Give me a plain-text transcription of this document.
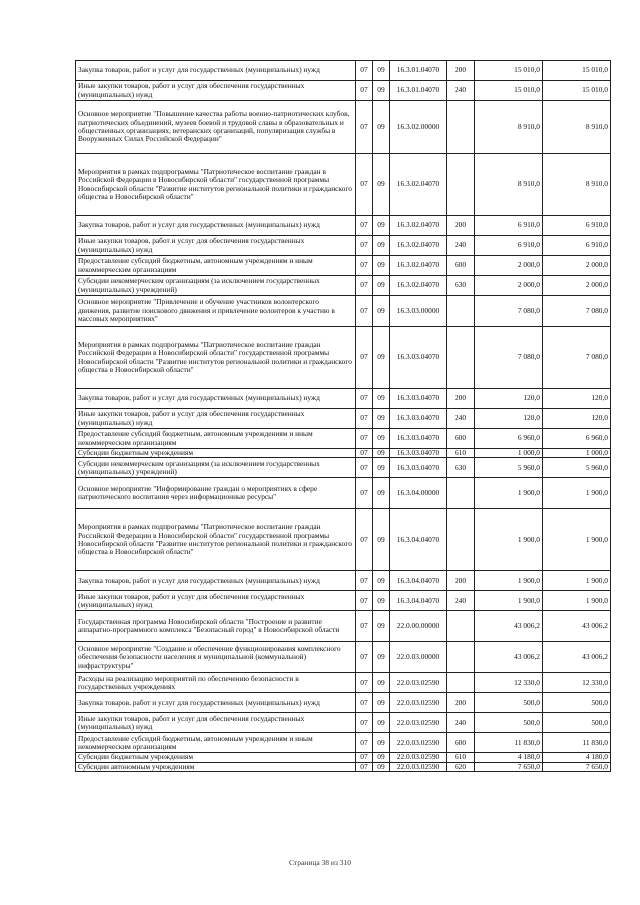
Закупка товаров, работ и услуг для государственных (муниципальных) нужд	07	09	16.3.01.04070	200	15 010,0	15 010,0
Иные закупки товаров, работ и услуг для обеспечения государственных (муниципальных) нужд	07	09	16.3.01.04070	240	15 010,0	15 010,0
Основное мероприятие "Повышение качества работы военно-патриотических клубов, патриотических объединений, музеев боевой и трудовой славы в образовательных и общественных организациях, ветеранских организаций, популяризация службы в Вооруженных Силах Российской Федерации"	07	09	16.3.02.00000		8 910,0	8 910,0
Мероприятия в рамках подпрограммы "Патриотическое воспитание граждан в Российской Федерации в Новосибирской области" государственной программы Новосибирской области "Развитие институтов региональной политики и гражданского общества в Новосибирской области"	07	09	16.3.02.04070		8 910,0	8 910,0
Закупка товаров, работ и услуг для государственных (муниципальных) нужд	07	09	16.3.02.04070	200	6 910,0	6 910,0
Иные закупки товаров, работ и услуг для обеспечения государственных (муниципальных) нужд	07	09	16.3.02.04070	240	6 910,0	6 910,0
Предоставление субсидий бюджетным, автономным учреждениям и иным некоммерческим организациям	07	09	16.3.02.04070	600	2 000,0	2 000,0
Субсидии некоммерческим организациям (за исключением государственных (муниципальных) учреждений)	07	09	16.3.02.04070	630	2 000,0	2 000,0
Основное мероприятие "Привлечение и обучение участников волонтерского движения, развитие поискового движения и привлечение волонтеров к участию в массовых мероприятиях"	07	09	16.3.03.00000		7 080,0	7 080,0
Мероприятия в рамках подпрограммы "Патриотическое воспитание граждан Российской Федерации в Новосибирской области" государственной программы Новосибирской области "Развитие институтов региональной политики и гражданского общества в Новосибирской области"	07	09	16.3.03.04070		7 080,0	7 080,0
Закупка товаров, работ и услуг для государственных (муниципальных) нужд	07	09	16.3.03.04070	200	120,0	120,0
Иные закупки товаров, работ и услуг для обеспечения государственных (муниципальных) нужд	07	09	16.3.03.04070	240	120,0	120,0
Предоставление субсидий бюджетным, автономным учреждениям и иным некоммерческим организациям	07	09	16.3.03.04070	600	6 960,0	6 960,0
Субсидии бюджетным учреждениям	07	09	16.3.03.04070	610	1 000,0	1 000,0
Субсидии некоммерческим организациям (за исключением государственных (муниципальных) учреждений)	07	09	16.3.03.04070	630	5 960,0	5 960,0
Основное мероприятие "Информирование граждан о мероприятиях в сфере патриотического воспитания через информационные ресурсы"	07	09	16.3.04.00000		1 900,0	1 900,0
Мероприятия в рамках подпрограммы "Патриотическое воспитание граждан Российской Федерации в Новосибирской области" государственной программы Новосибирской области "Развитие институтов региональной политики и гражданского общества в Новосибирской области"	07	09	16.3.04.04070		1 900,0	1 900,0
Закупка товаров, работ и услуг для государственных (муниципальных) нужд	07	09	16.3.04.04070	200	1 900,0	1 900,0
Иные закупки товаров, работ и услуг для обеспечения государственных (муниципальных) нужд	07	09	16.3.04.04070	240	1 900,0	1 900,0
Государственная программа Новосибирской области "Построение и развитие аппаратно-программного комплекса "Безопасный город" в Новосибирской области	07	09	22.0.00.00000		43 006,2	43 006,2
Основное мероприятие "Создание и обеспечение функционирования комплексного обеспечения безопасности населения и муниципальной (коммунальной) инфраструктуры"	07	09	22.0.03.00000		43 006,2	43 006,2
Расходы на реализацию мероприятий по обеспечению безопасности в государственных учреждениях	07	09	22.0.03.02590		12 330,0	12 330,0
Закупка товаров, работ и услуг для государственных (муниципальных) нужд	07	09	22.0.03.02590	200	500,0	500,0
Иные закупки товаров, работ и услуг для обеспечения государственных (муниципальных) нужд	07	09	22.0.03.02590	240	500,0	500,0
Предоставление субсидий бюджетным, автономным учреждениям и иным некоммерческим организациям	07	09	22.0.03.02590	600	11 830,0	11 830,0
Субсидии бюджетным учреждениям	07	09	22.0.03.02590	610	4 180,0	4 180,0
Субсидии автономным учреждениям	07	09	22.0.03.02590	620	7 650,0	7 650,0
Страница 38 из 310
